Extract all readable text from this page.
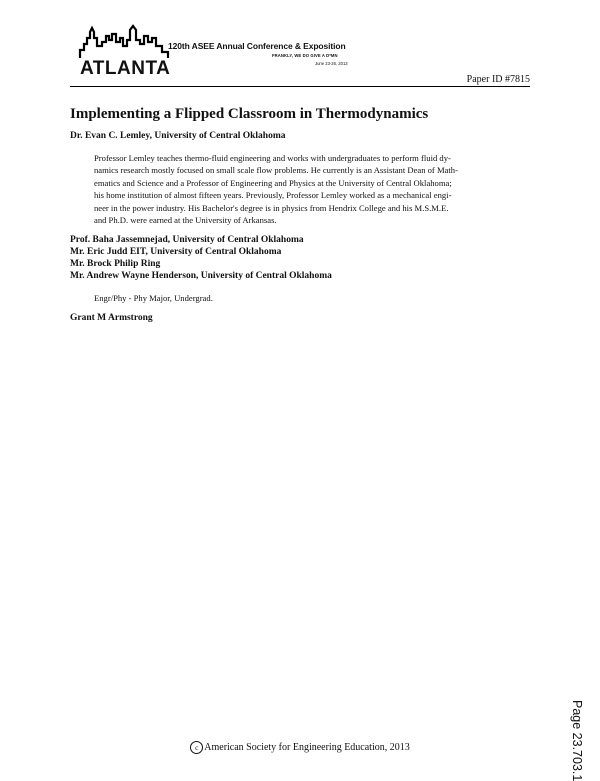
120th ASEE Annual Conference & Exposition
FRANKLY, WE DO GIVE A D*MN
June 23-26, 2013
ATLANTA
Paper ID #7815
Implementing a Flipped Classroom in Thermodynamics
Dr. Evan C. Lemley, University of Central Oklahoma
Professor Lemley teaches thermo-fluid engineering and works with undergraduates to perform fluid dy-
namics research mostly focused on small scale flow problems. He currently is an Assistant Dean of Math-
ematics and Science and a Professor of Engineering and Physics at the University of Central Oklahoma;
his home institution of almost fifteen years. Previously, Professor Lemley worked as a mechanical engi-
neer in the power industry. His Bachelor's degree is in physics from Hendrix College and his M.S.M.E.
and Ph.D. were earned at the University of Arkansas.
Prof. Baha Jassemnejad, University of Central Oklahoma
Mr. Eric Judd EIT, University of Central Oklahoma
Mr. Brock Philip Ring
Mr. Andrew Wayne Henderson, University of Central Oklahoma
Engr/Phy - Phy Major, Undergrad.
Grant M Armstrong
Page 23.703.1
c American Society for Engineering Education, 2013
